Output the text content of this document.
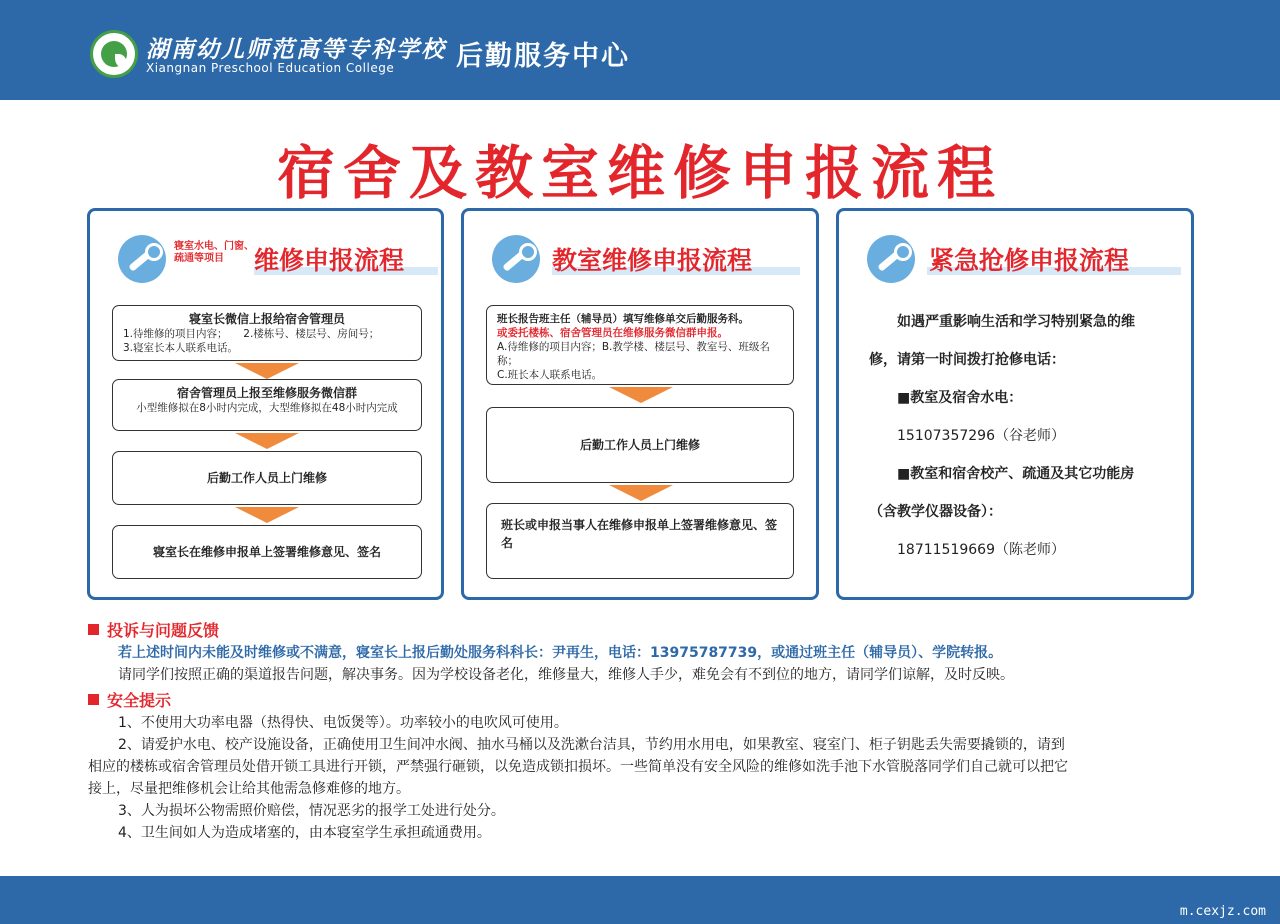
湖南幼儿师范高等专科学校
Xiangnan Preschool Education College 后勤服务中心
宿舍及教室维修申报流程
寝室水电、门窗、疏通等项目	维修申报流程
寝室长微信上报给宿舍管理员
1.待维修的项目内容；　　2.楼栋号、楼层号、房间号；
3.寝室长本人联系电话。
宿舍管理员上报至维修服务微信群
小型维修拟在8小时内完成，大型维修拟在48小时内完成
后勤工作人员上门维修
寝室长在维修申报单上签署维修意见、签名
教室维修申报流程
班长报告班主任（辅导员）填写维修单交后勤服务科。
或委托楼栋、宿舍管理员在维修服务微信群申报。
A.待维修的项目内容；B.教学楼、楼层号、教室号、班级名称；
C.班长本人联系电话。
后勤工作人员上门维修
班长或申报当事人在维修申报单上签署维修意见、签名
紧急抢修申报流程
如遇严重影响生活和学习特别紧急的维
修，请第一时间拨打抢修电话：
■教室及宿舍水电：
15107357296（谷老师）
■教室和宿舍校产、疏通及其它功能房
（含教学仪器设备）：
18711519669（陈老师）
投诉与问题反馈
若上述时间内未能及时维修或不满意，寝室长上报后勤处服务科科长：尹再生，电话：13975787739，或通过班主任（辅导员）、学院转报。
请同学们按照正确的渠道报告问题，解决事务。因为学校设备老化，维修量大，维修人手少，难免会有不到位的地方，请同学们谅解，及时反映。
安全提示
1、不使用大功率电器（热得快、电饭煲等）。功率较小的电吹风可使用。
2、请爱护水电、校产设施设备，正确使用卫生间冲水阀、抽水马桶以及洗漱台洁具，节约用水用电，如果教室、寝室门、柜子钥匙丢失需要撬锁的，请到
相应的楼栋或宿舍管理员处借开锁工具进行开锁，严禁强行砸锁，以免造成锁扣损坏。一些简单没有安全风险的维修如洗手池下水管脱落同学们自己就可以把它
接上，尽量把维修机会让给其他需急修难修的地方。
3、人为损坏公物需照价赔偿，情况恶劣的报学工处进行处分。
4、卫生间如人为造成堵塞的，由本寝室学生承担疏通费用。
m.cexjz.com
